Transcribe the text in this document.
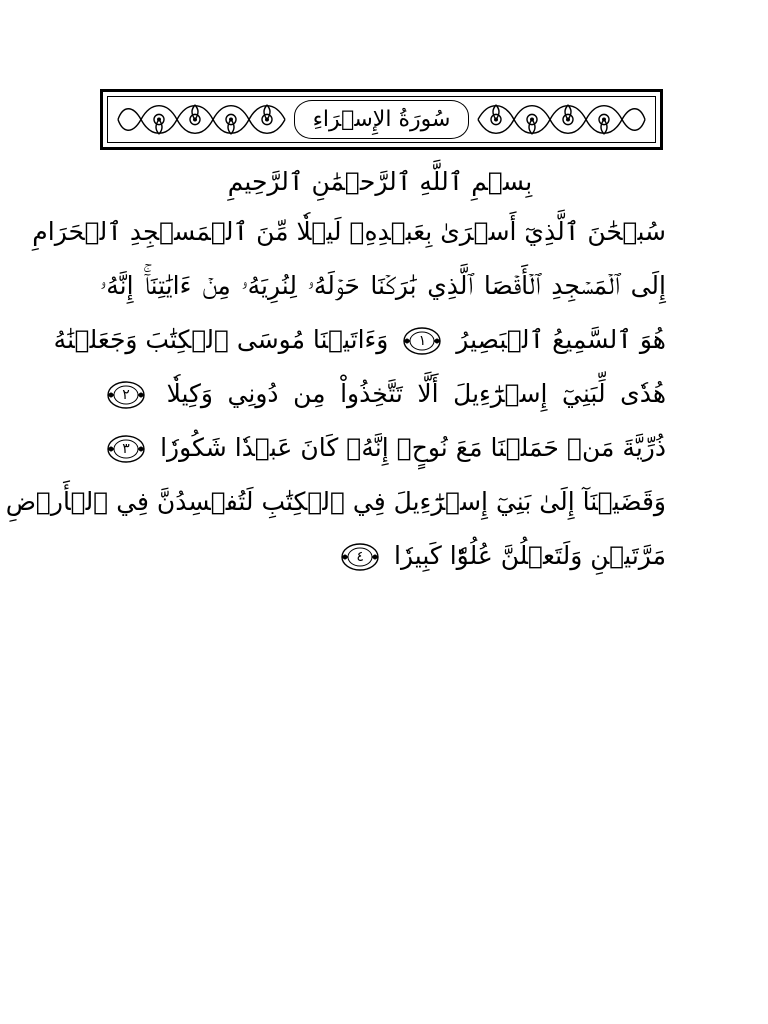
سُورَةُ الإِسۡرَاءِ
بِسۡمِ ٱللَّهِ ٱلرَّحۡمَٰنِ ٱلرَّحِيمِ
سُبۡحَٰنَ ٱلَّذِيٓ أَسۡرَىٰ بِعَبۡدِهِۦ لَيۡلٗا مِّنَ ٱلۡمَسۡجِدِ ٱلۡحَرَامِ
إِلَى ٱلۡمَسۡجِدِ ٱلۡأَقۡصَا ٱلَّذِي بَٰرَكۡنَا حَوۡلَهُۥ لِنُرِيَهُۥ مِنۡ ءَايَٰتِنَآۚ إِنَّهُۥ
هُوَ ٱلسَّمِيعُ ٱلۡبَصِيرُ
١
وَءَاتَيۡنَا مُوسَى ٱلۡكِتَٰبَ وَجَعَلۡنَٰهُ
هُدٗى لِّبَنِيٓ إِسۡرَٰٓءِيلَ أَلَّا تَتَّخِذُواْ مِن دُونِي وَكِيلٗا
٢
ذُرِّيَّةَ مَنۡ حَمَلۡنَا مَعَ نُوحٍۚ إِنَّهُۥ كَانَ عَبۡدٗا شَكُورٗا
٣
وَقَضَيۡنَآ إِلَىٰ بَنِيٓ إِسۡرَٰٓءِيلَ فِي ٱلۡكِتَٰبِ لَتُفۡسِدُنَّ فِي ٱلۡأَرۡضِ
مَرَّتَيۡنِ وَلَتَعۡلُنَّ عُلُوّٗا كَبِيرٗا
٤
